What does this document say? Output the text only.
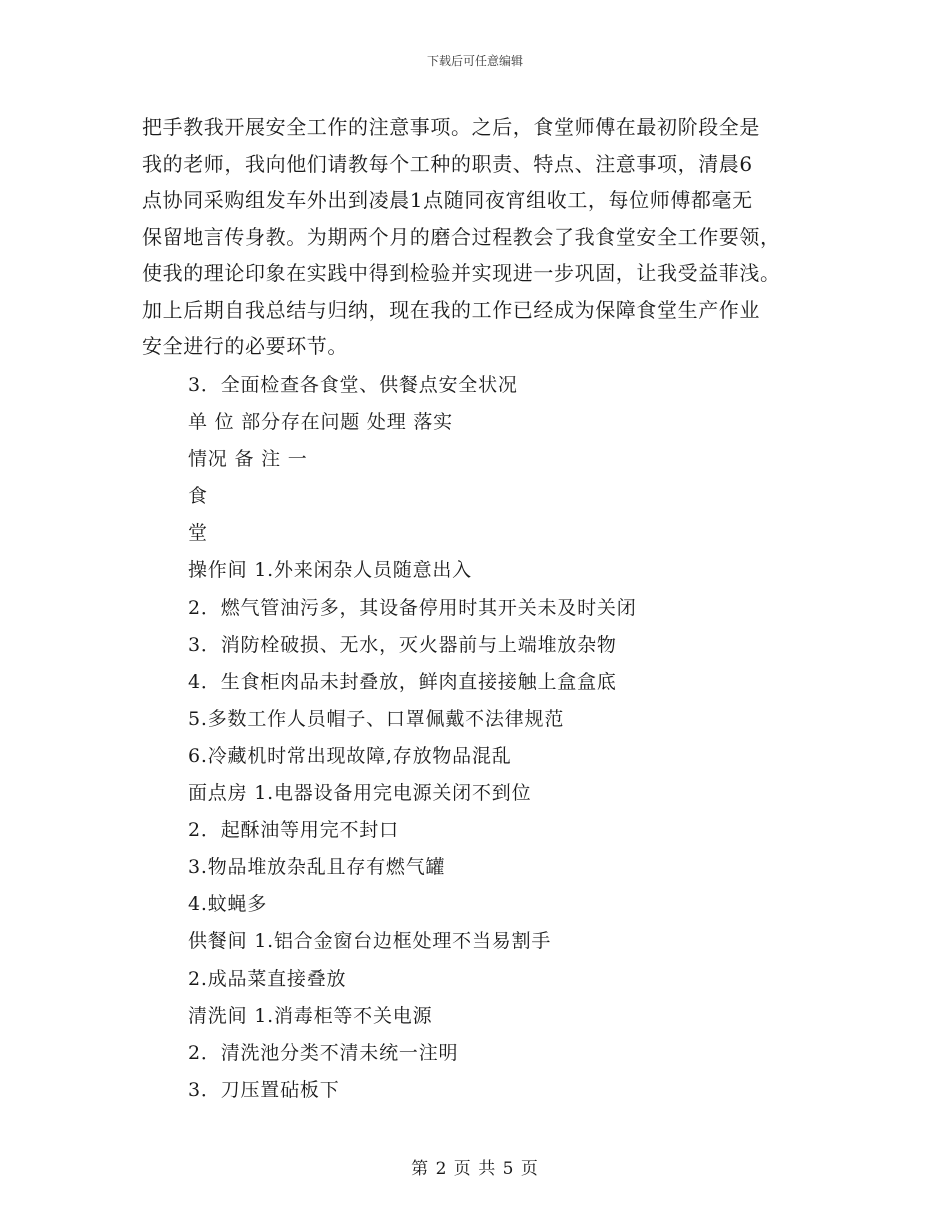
下载后可任意编辑
把手教我开展安全工作的注意事项。之后，食堂师傅在最初阶段全是
我的老师，我向他们请教每个工种的职责、特点、注意事项，清晨6
点协同采购组发车外出到凌晨1点随同夜宵组收工，每位师傅都毫无
保留地言传身教。为期两个月的磨合过程教会了我食堂安全工作要领，
使我的理论印象在实践中得到检验并实现进一步巩固，让我受益菲浅。
加上后期自我总结与归纳，现在我的工作已经成为保障食堂生产作业
安全进行的必要环节。
3．全面检查各食堂、供餐点安全状况
单 位 部分存在问题 处理 落实
情况 备 注 一
食
堂
操作间 1.外来闲杂人员随意出入
2．燃气管油污多，其设备停用时其开关未及时关闭
3．消防栓破损、无水，灭火器前与上端堆放杂物
4．生食柜肉品未封叠放，鲜肉直接接触上盒盒底
5.多数工作人员帽子、口罩佩戴不法律规范
6.冷藏机时常出现故障,存放物品混乱
面点房 1.电器设备用完电源关闭不到位
2．起酥油等用完不封口
3.物品堆放杂乱且存有燃气罐
4.蚊蝇多
供餐间 1.铝合金窗台边框处理不当易割手
2.成品菜直接叠放
清洗间 1.消毒柜等不关电源
2．清洗池分类不清未统一注明
3．刀压置砧板下
第 2 页 共 5 页
